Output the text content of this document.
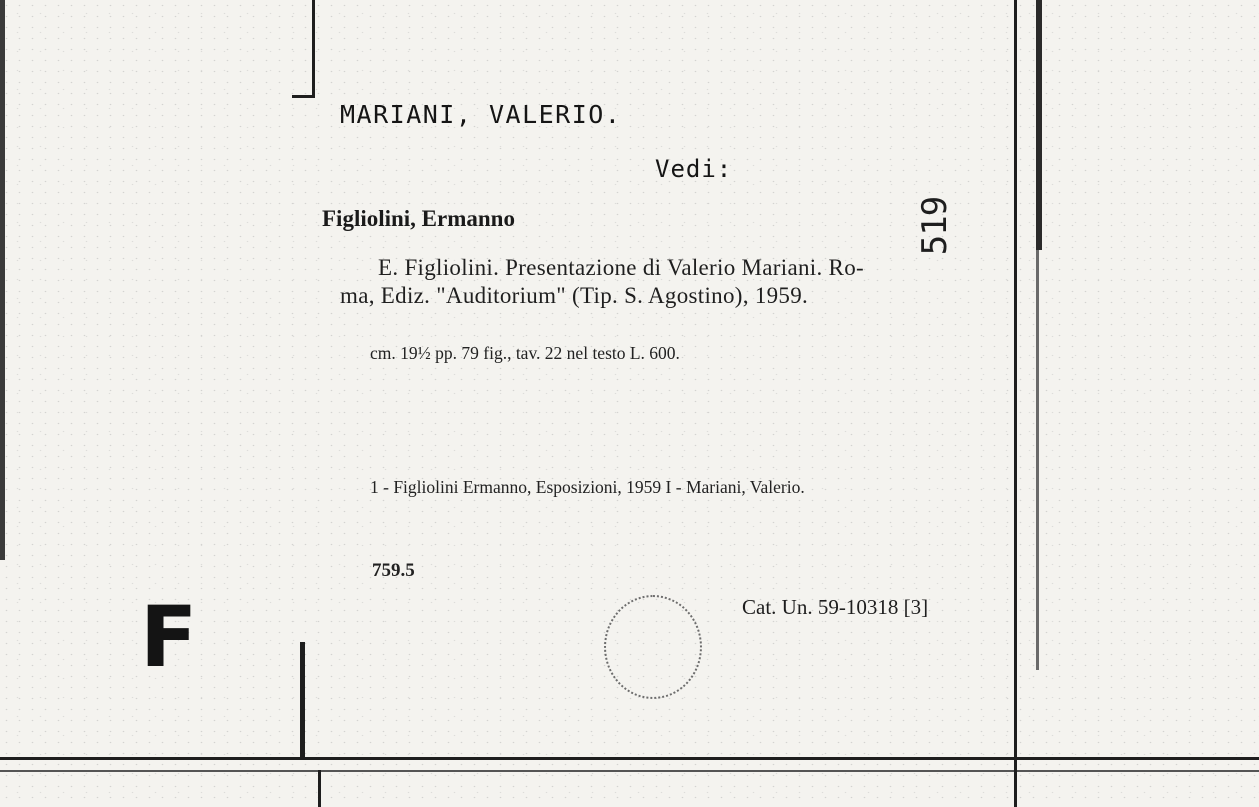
MARIANI, VALERIO.
Vedi:
519
Figliolini, Ermanno
E. Figliolini. Presentazione di Valerio Mariani. Ro-
ma, Ediz. "Auditorium" (Tip. S. Agostino), 1959.
cm. 19½ pp. 79 fig., tav. 22 nel testo L. 600.
1 - Figliolini Ermanno, Esposizioni, 1959 I - Mariani, Valerio.
759.5
Cat. Un. 59-10318 [3]
F
